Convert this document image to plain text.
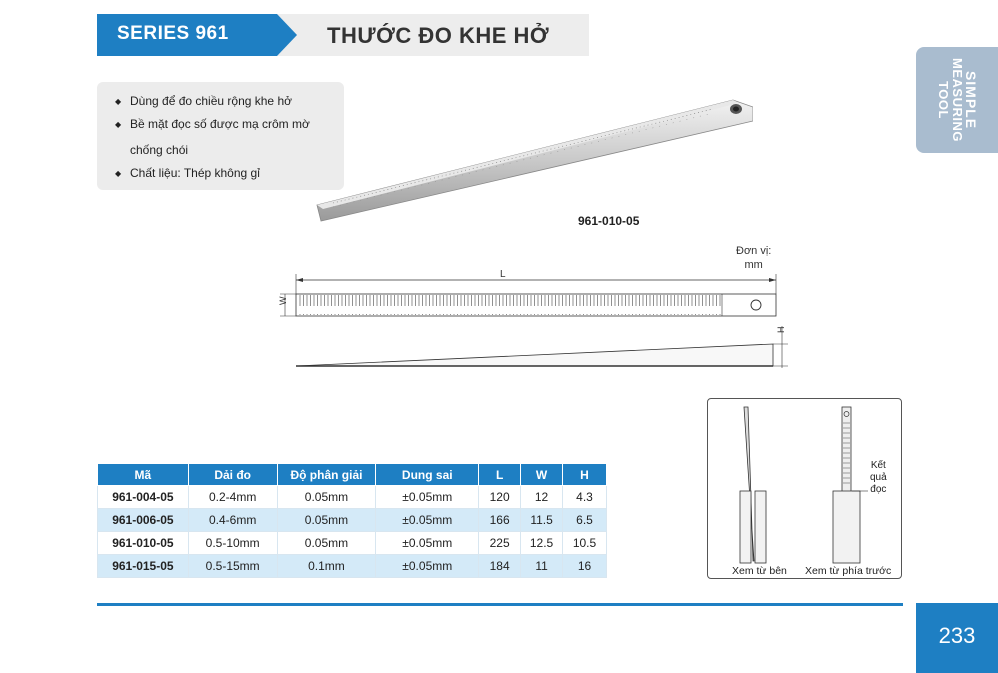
SERIES 961	THƯỚC ĐO KHE HỞ
SIMPLE
MEASURING TOOL
◆ Dùng để đo chiều rộng khe hở
◆ Bề mặt đọc số được mạ crôm mờ
chống chói
◆ Chất liệu: Thép không gỉ
961-010-05
Đơn vị:
mm
L
W
H
Mã	Dải đo	Độ phân giải	Dung sai	L	W	H
961-004-05	0.2-4mm	0.05mm	±0.05mm	120	12	4.3
961-006-05	0.4-6mm	0.05mm	±0.05mm	166	11.5	6.5
961-010-05	0.5-10mm	0.05mm	±0.05mm	225	12.5	10.5
961-015-05	0.5-15mm	0.1mm	±0.05mm	184	11	16
Kết
quả
đọc
Xem từ bên Xem từ phía trước
233
